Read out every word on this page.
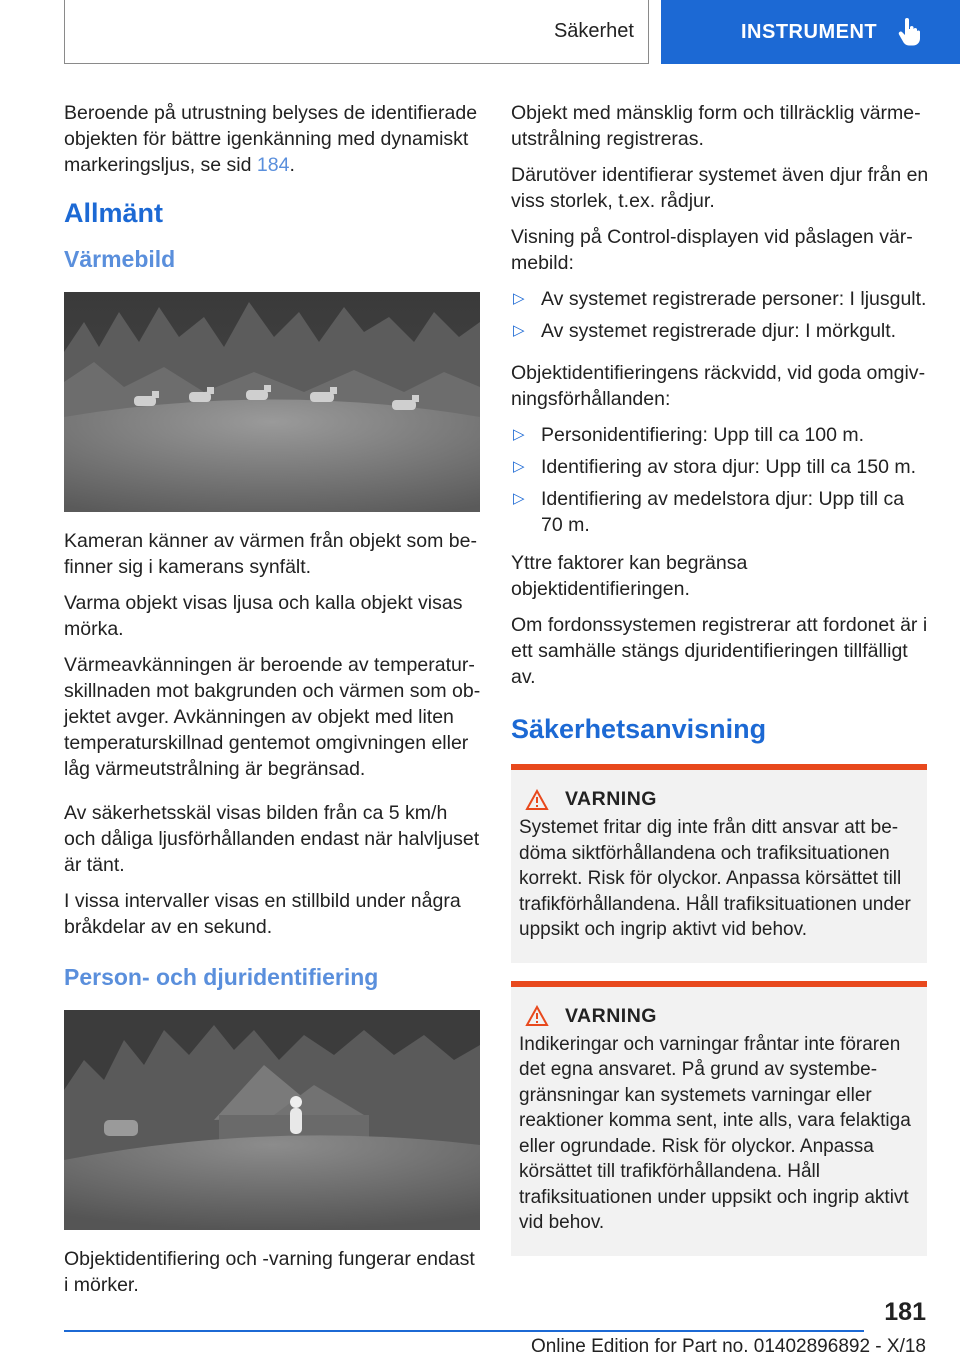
Säkerhet	INSTRUMENT

Beroende på utrustning belyses de identifierade objekten för bättre igenkänning med dynamiskt markeringsljus, se sid 184.

Allmänt
Värmebild

Kameran känner av värmen från objekt som befinner sig i kamerans synfält.

Varma objekt visas ljusa och kalla objekt visas mörka.

Värmeavkänningen är beroende av temperaturskillnaden mot bakgrunden och värmen som objektet avger. Avkänningen av objekt med liten temperaturskillnad gentemot omgivningen eller låg värmeutstrålning är begränsad.

Av säkerhetsskäl visas bilden från ca 5 km/h och dåliga ljusförhållanden endast när halvljuset är tänt.

I vissa intervaller visas en stillbild under några bråkdelar av en sekund.

Person- och djuridentifiering

Objektidentifiering och -varning fungerar endast i mörker.

Objekt med mänsklig form och tillräcklig värmeutstrålning registreras.

Därutöver identifierar systemet även djur från en viss storlek, t.ex. rådjur.

Visning på Control-displayen vid påslagen värmebild:

▷ Av systemet registrerade personer: I ljusgult.
▷ Av systemet registrerade djur: I mörkgult.

Objektidentifieringens räckvidd, vid goda omgivningsförhållanden:

▷ Personidentifiering: Upp till ca 100 m.
▷ Identifiering av stora djur: Upp till ca 150 m.
▷ Identifiering av medelstora djur: Upp till ca 70 m.

Yttre faktorer kan begränsa objektidentifieringen.

Om fordonssystemen registrerar att fordonet är i ett samhälle stängs djuridentifieringen tillfälligt av.

Säkerhetsanvisning
VARNING

Systemet fritar dig inte från ditt ansvar att bedöma siktförhållandena och trafiksituationen korrekt. Risk för olyckor. Anpassa körsättet till trafikförhållandena. Håll trafiksituationen under uppsikt och ingrip aktivt vid behov.

VARNING

Indikeringar och varningar fråntar inte föraren det egna ansvaret. På grund av systembegränsningar kan systemets varningar eller reaktioner komma sent, inte alls, vara felaktiga eller ogrundade. Risk för olyckor. Anpassa körsättet till trafikförhållandena. Håll trafiksituationen under uppsikt och ingrip aktivt vid behov.

181
Online Edition for Part no. 01402896892 - X/18
